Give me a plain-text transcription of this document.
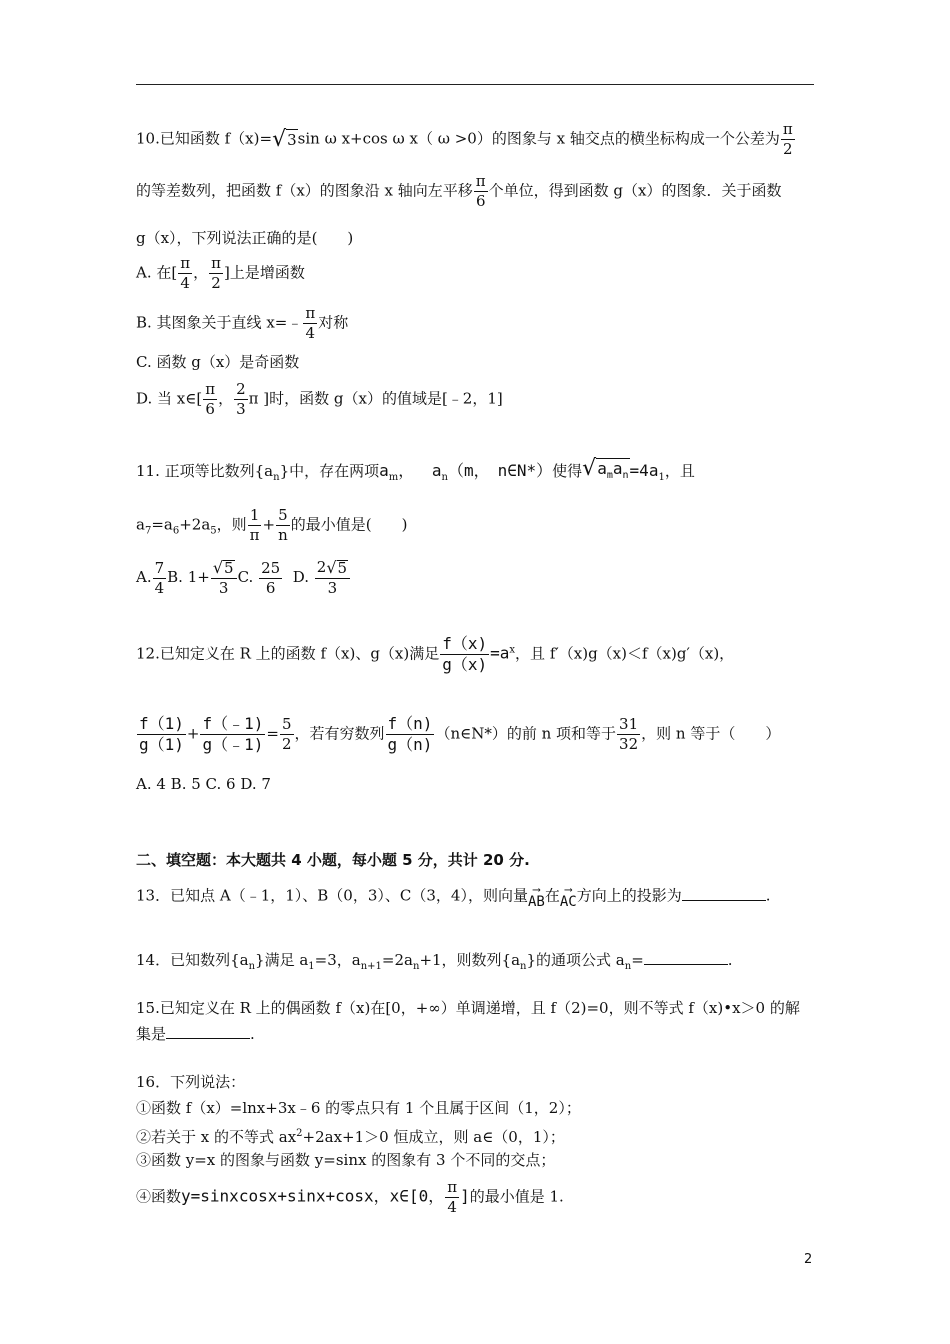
10.已知函数 f（x)= √ 3 sin ω x+cos ω x（ ω >0）的图象与 x 轴交点的横坐标构成一个公差为 $\frac{\pi}{2}$
的等差数列，把函数 f（x）的图象沿 x 轴向左平移 $\frac{\pi}{6}$ 个单位，得到函数 g（x）的图象．关于函数
g（x），下列说法正确的是(　　)
A. 在[ $\frac{\pi}{4}$ ， $\frac{\pi}{2}$ ]上是增函数
B. 其图象关于直线 x=﹣ $\frac{\pi}{4}$ 对称
C. 函数 g（x）是奇函数
D. 当 x∈[ $\frac{\pi}{6}$ ， $\frac{2}{3}$ π ]时，函数 g（x）的值域是[﹣2，1]
11. 正项等比数列$\{a_n\}$中，存在两项$a_m$，　 $a_n(m$，　n∈N*）使得 √ $a_ma_n =4a_1$，且
$a_7=a_6+2a_5$，则 $\frac{1}{\pi} + \frac{5}{n}$ 的最小值是(　　)
A. $\frac{7}{4} B$. $1+ \frac{√ 5}{3} C$. $\frac{25}{6} D$. $\frac{2 √ 5}{3}$
12.已知定义在 R 上的函数 f（x)、g（x)满足 $\frac{f(x)}{g(x)} =a^x$，且 f′（x)g（x)＜f（x)g′（x)，
$\frac{f(1)}{g(1)} + \frac{f(﹣1)}{g(﹣1)} = \frac{5}{2}$ ，若有穷数列 $\frac{f(n)}{g(n)}$ （n∈N*）的前 n 项和等于 $\frac{31}{32}$ ，则 n 等于（　　）
A. 4 B. 5 C. 6 D. 7
二、填空题：本大题共 4 小题，每小题 5 分，共计 20 分.
13．已知点 A（﹣1，1）、B（0，3）、C（3，4），则向量 ⟶
AB 在 ⟶
AC 方向上的投影为	.
14．已知数列$\{a_n\}$满足 $a_1=3$，$a_{n+1}=2a_n+1$，则数列$\{a_n\}$的通项公式 $a_n=$	.
15.已知定义在 R 上的偶函数 f（x)在[0，+∞）单调递增，且 f（2)=0，则不等式 f（x)•x＞0 的解
集是	.
16．下列说法：
①函数 f（x）=lnx+3x﹣6 的零点只有 1 个且属于区间（1，2）；
②若关于 x 的不等式 $ax^2+2ax+1>0$ 恒成立，则 a∈（0，1）；
③函数 y=x 的图象与函数 y=sinx 的图象有 3 个不同的交点；
④函数y=sinxcosx+sinx+cosx，x∈[0， $\frac{\pi}{4}$ ]的最小值是 1.
2
